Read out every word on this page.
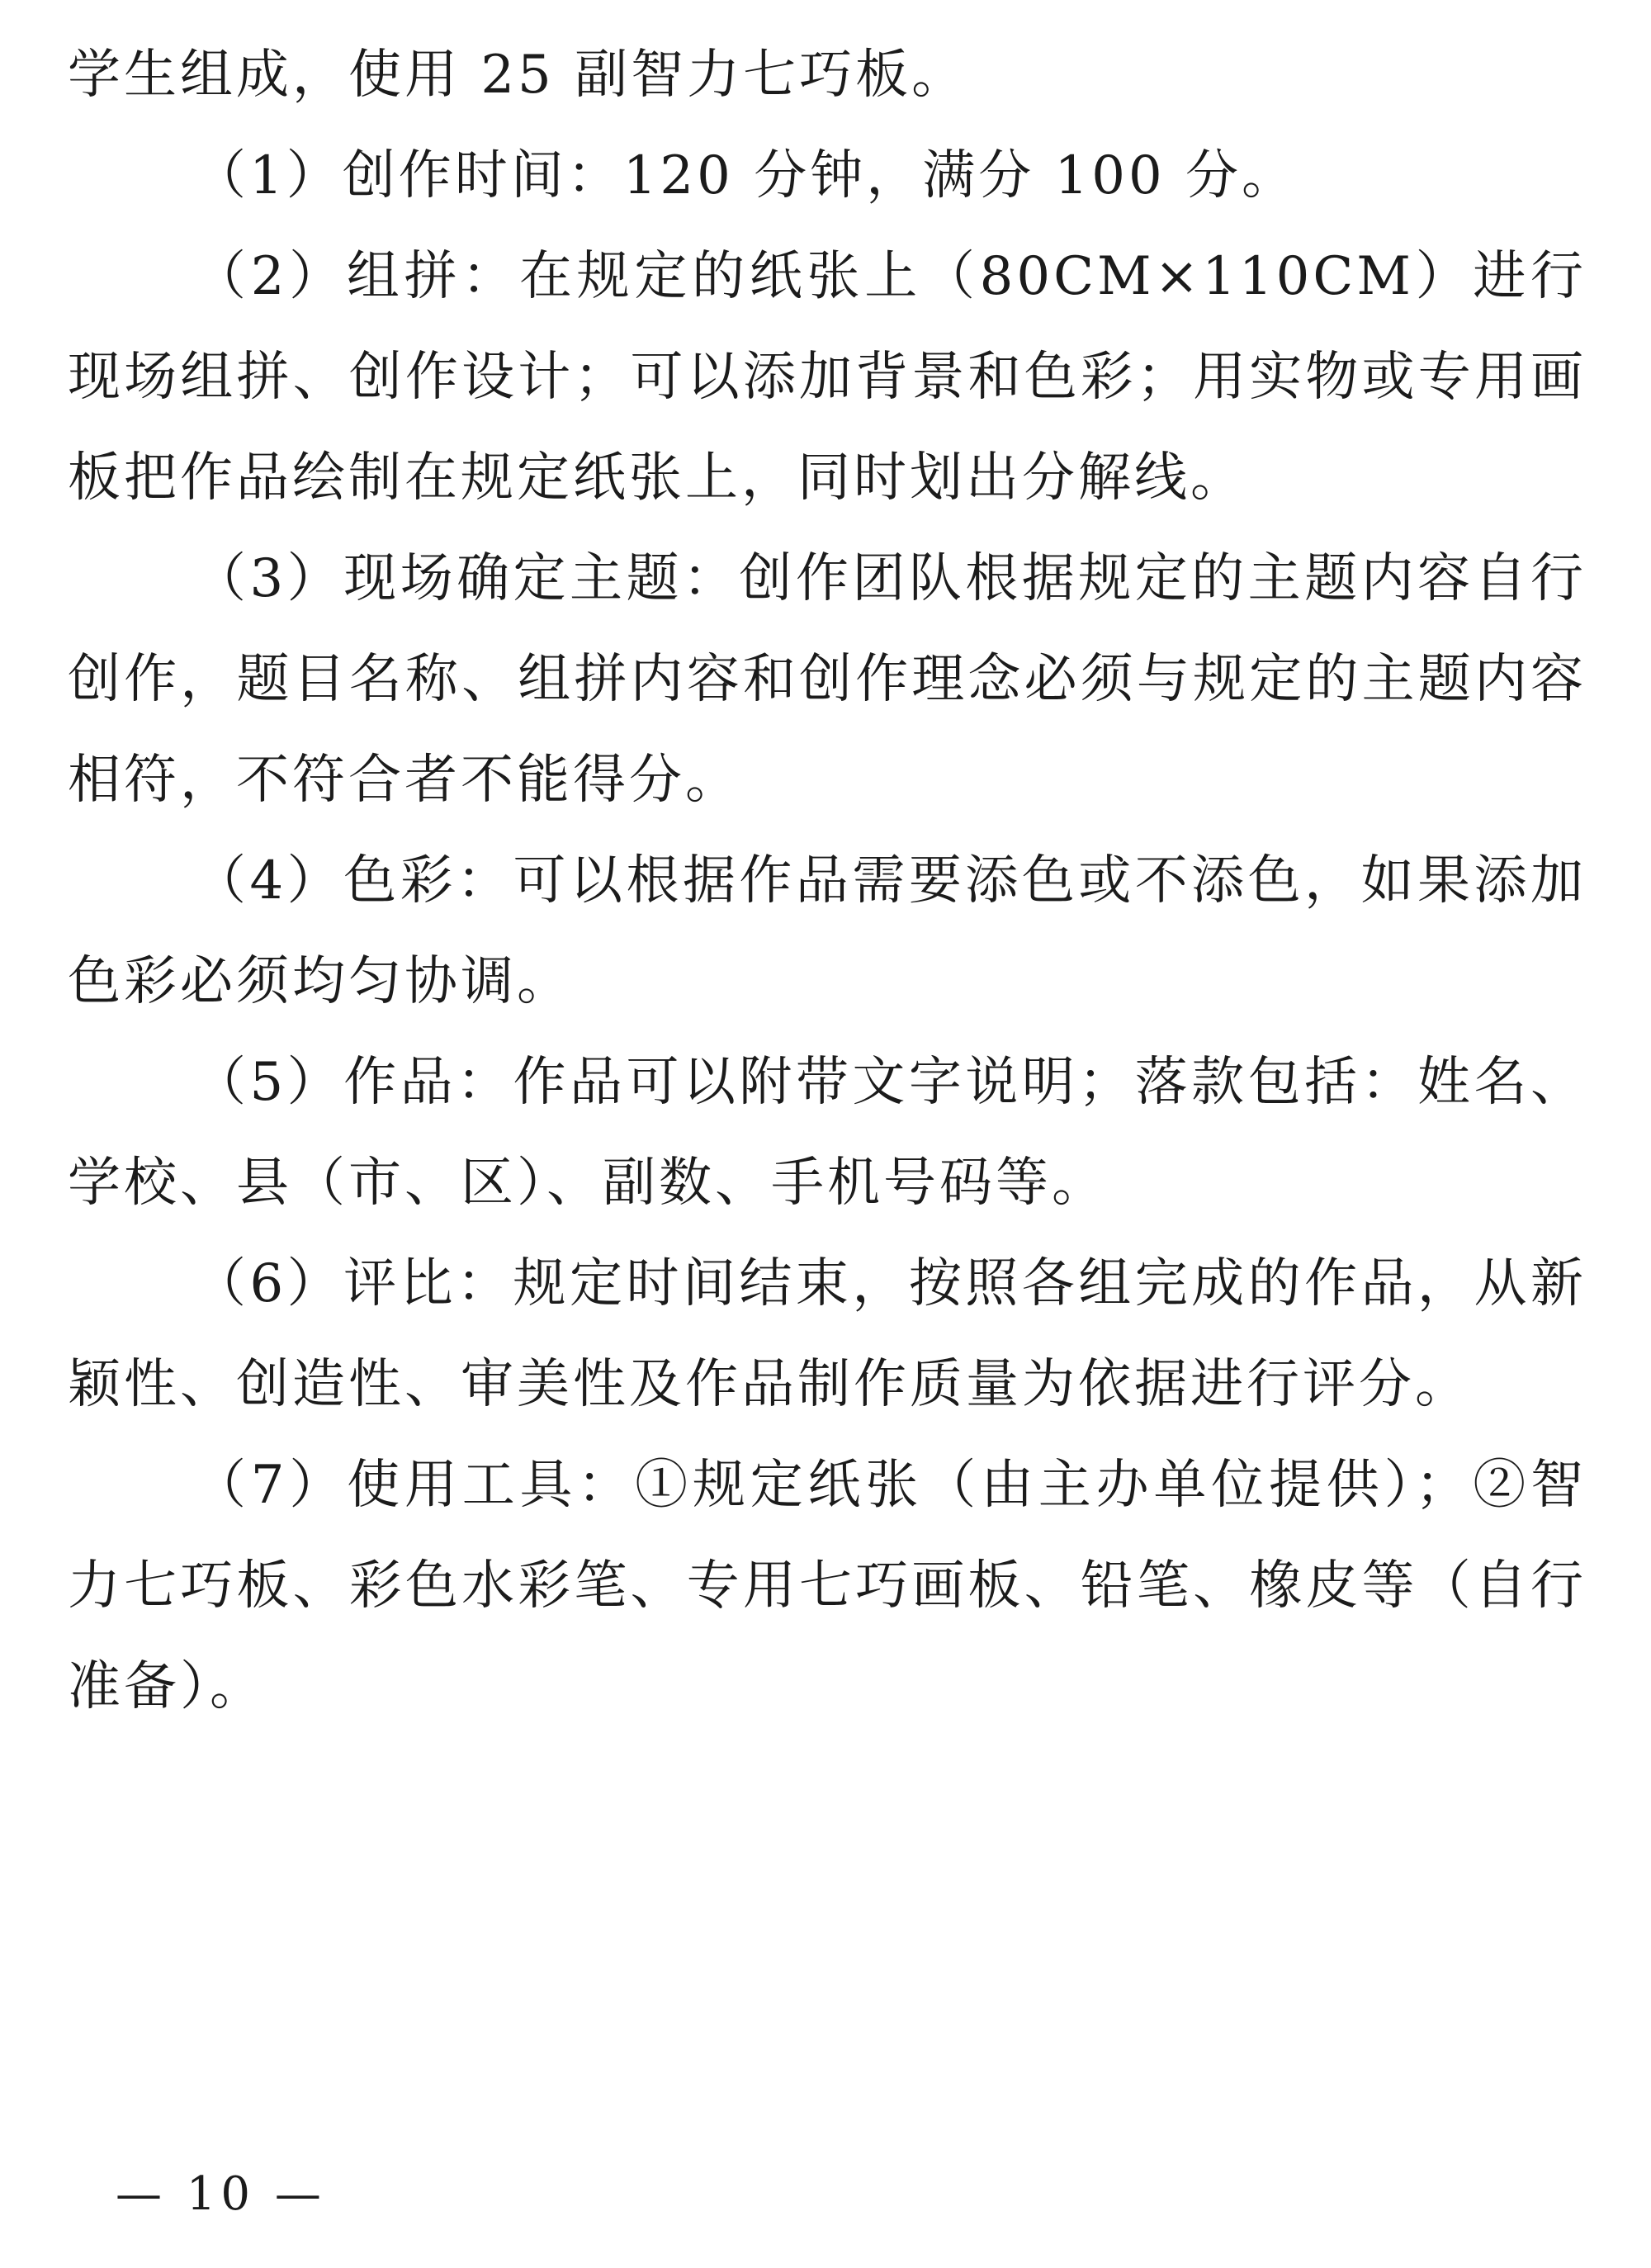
学生组成，使用 25 副智力七巧板。

（1）创作时间：120 分钟，满分 100 分。

（2）组拼：在规定的纸张上（80CM×110CM）进行现场组拼、创作设计；可以添加背景和色彩；用实物或专用画板把作品绘制在规定纸张上，同时划出分解线。

（3）现场确定主题：创作团队根据规定的主题内容自行创作，题目名称、组拼内容和创作理念必须与规定的主题内容相符，不符合者不能得分。

（4）色彩：可以根据作品需要添色或不添色，如果添加色彩必须均匀协调。

（5）作品：作品可以附带文字说明；落款包括：姓名、学校、县（市、区）、副数、手机号码等。

（6）评比：规定时间结束，按照各组完成的作品，从新颖性、创造性、审美性及作品制作质量为依据进行评分。

（7）使用工具：①规定纸张（由主办单位提供）；②智力七巧板、彩色水彩笔、专用七巧画板、铅笔、橡皮等（自行准备）。

— 10 —
